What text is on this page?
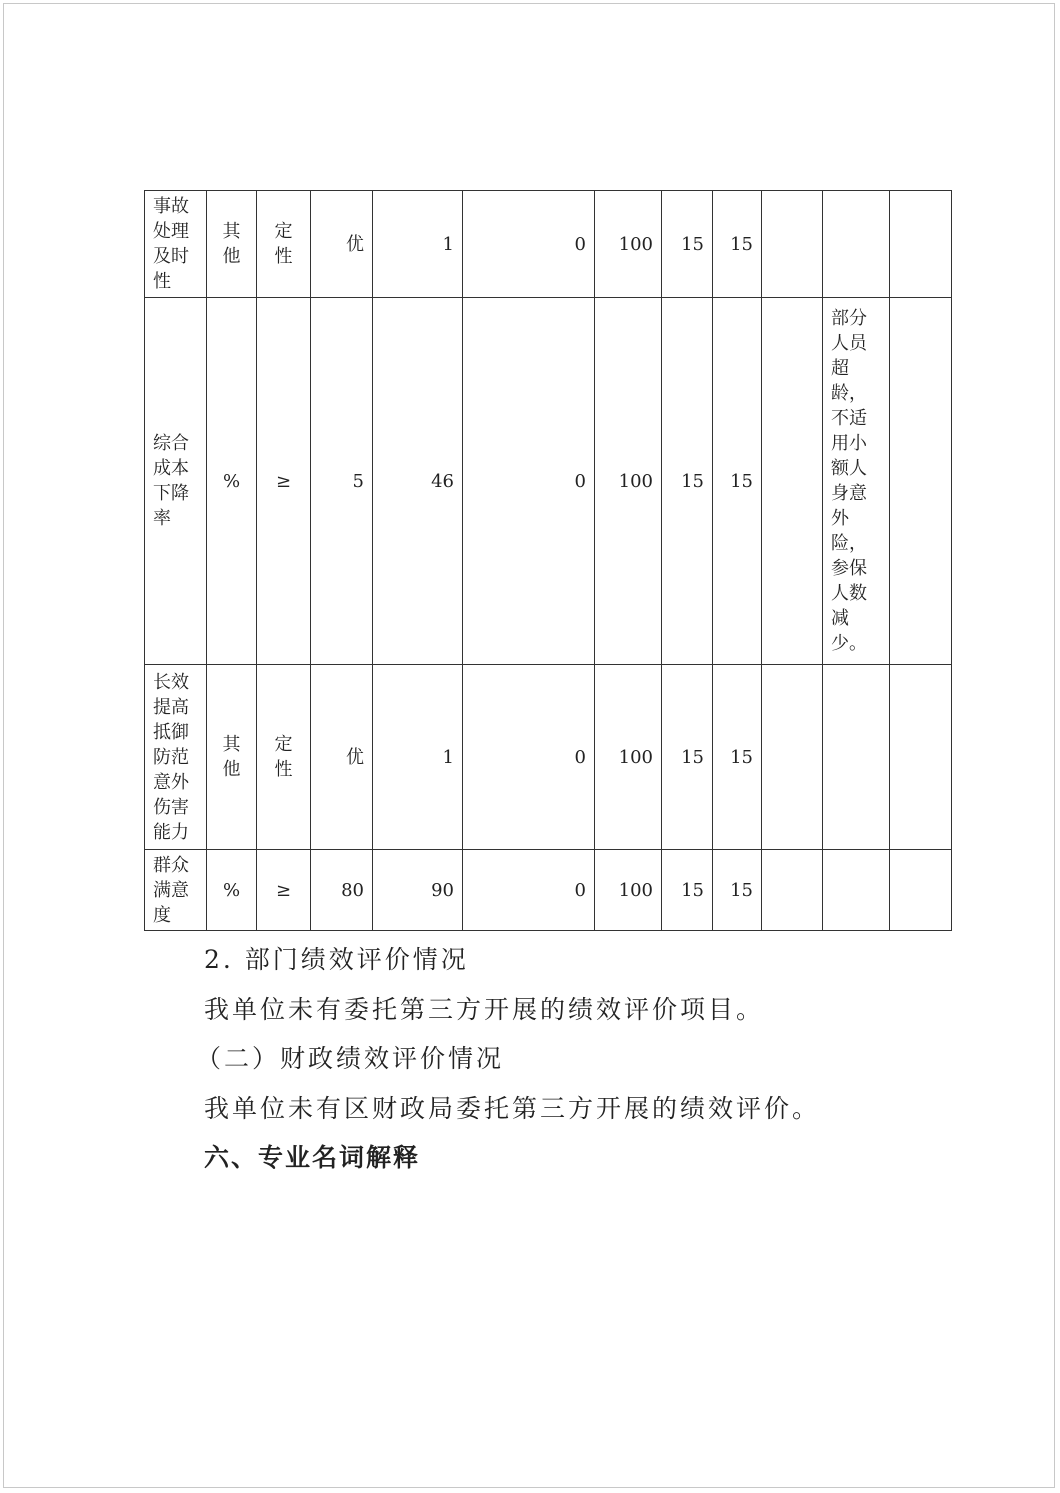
事故处理及时性	其他	定性	优	1	0	100	15	15			
综合成本下降率	%	≥	5	46	0	100	15	15		部分人员超龄，不适用小额人身意外险，参保人数减少。	
长效提高抵御防范意外伤害能力	其他	定性	优	1	0	100	15	15			
群众满意度	%	≥	80	90	0	100	15	15			
2. 部门绩效评价情况
我单位未有委托第三方开展的绩效评价项目。
（二）财政绩效评价情况
我单位未有区财政局委托第三方开展的绩效评价。
六、专业名词解释
